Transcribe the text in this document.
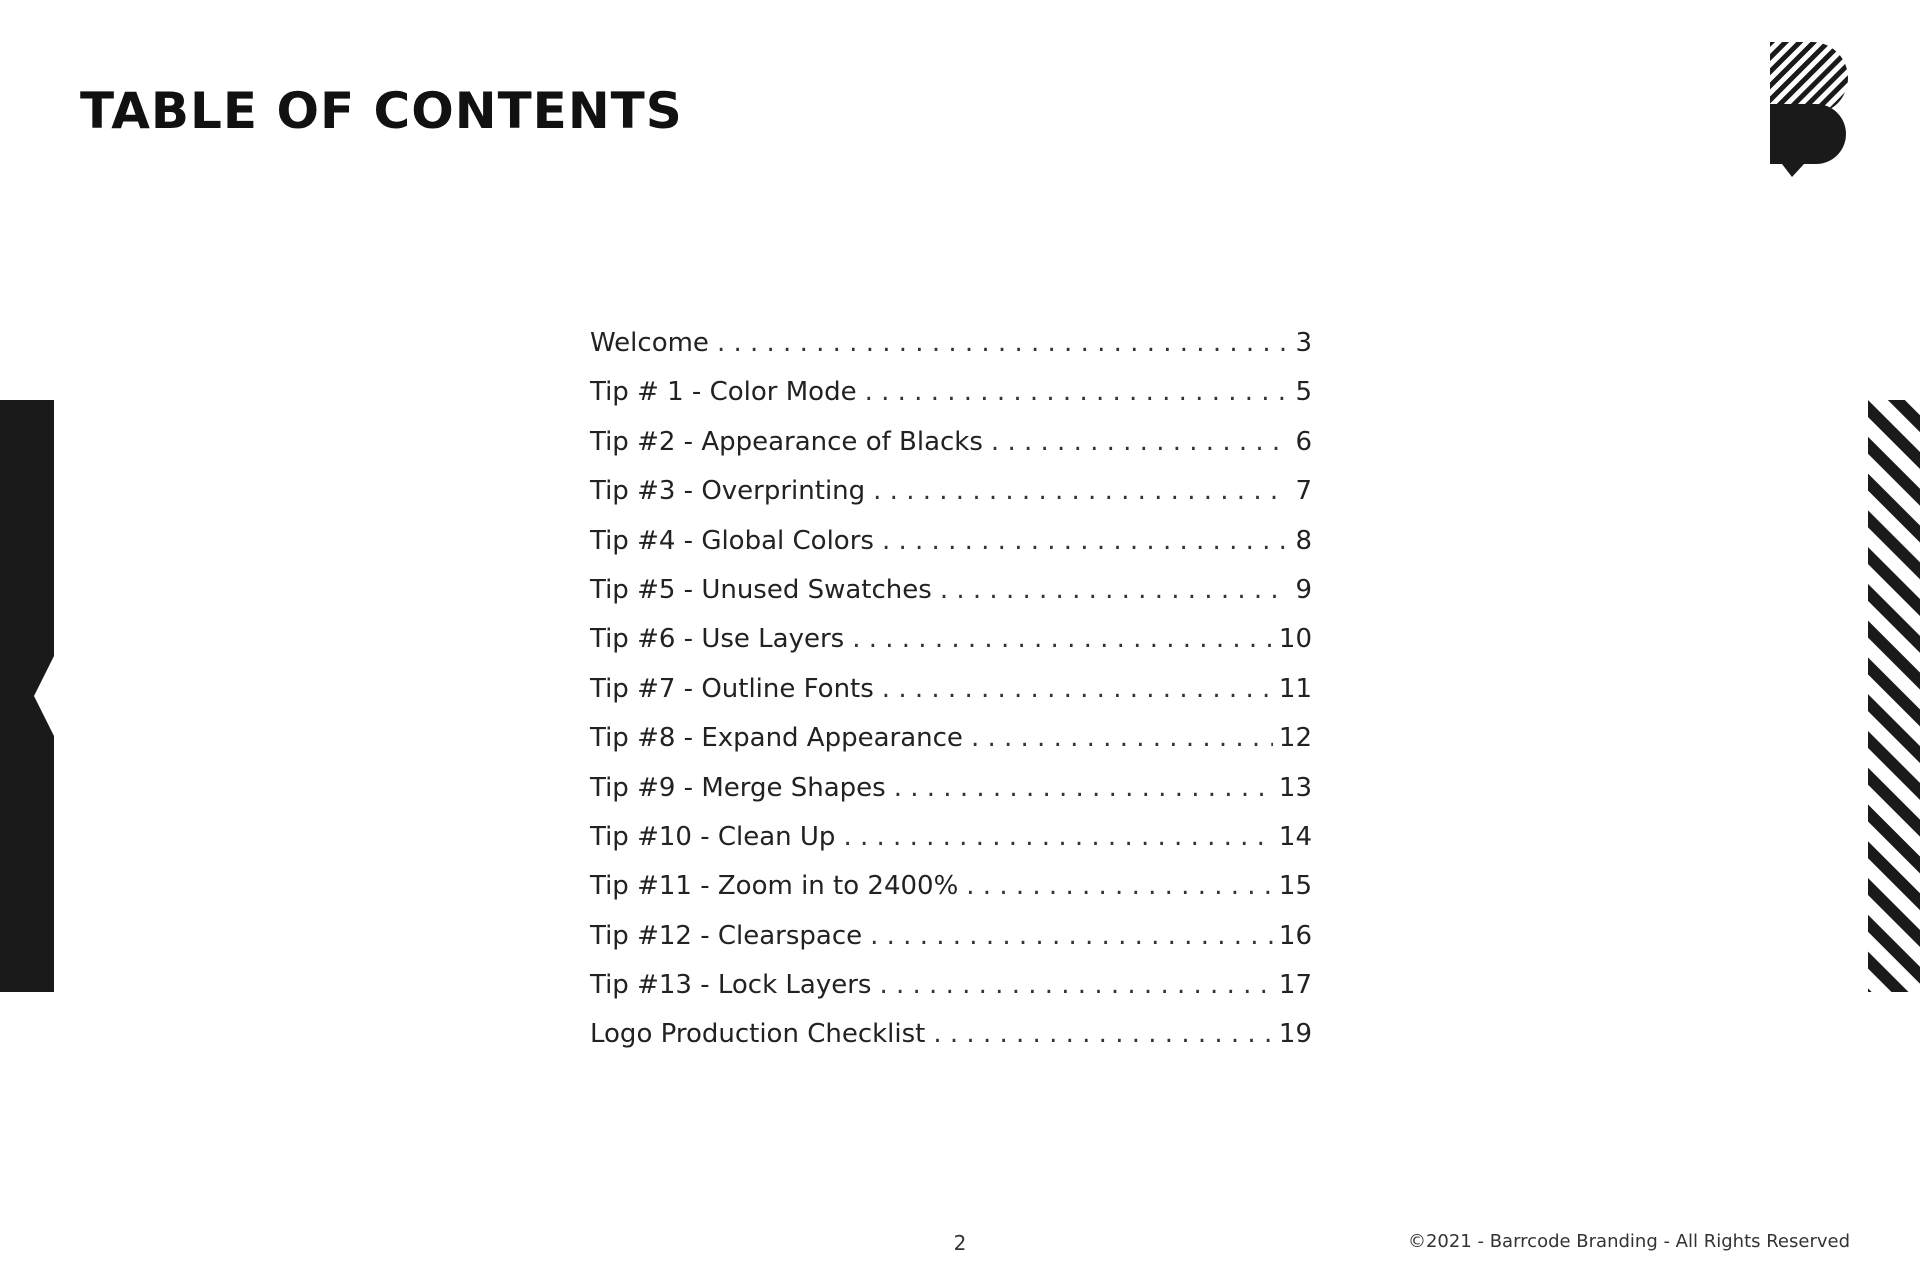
TABLE OF CONTENTS
Welcome . . .	3
Tip # 1 - Color Mode . . .	5
Tip #2 - Appearance of Blacks . . .	6
Tip #3 - Overprinting . . .	7
Tip #4 - Global Colors . . .	8
Tip #5 - Unused Swatches . . .	9
Tip #6 - Use Layers . . .	10
Tip #7 - Outline Fonts . . .	11
Tip #8 - Expand Appearance . . .	12
Tip #9 - Merge Shapes . . .	13
Tip #10 - Clean Up . . .	14
Tip #11 - Zoom in to 2400% . . .	15
Tip #12 - Clearspace . . .	16
Tip #13 - Lock Layers . . .	17
Logo Production Checklist . . .	19
2	©2021 - Barrcode Branding - All Rights Reserved
